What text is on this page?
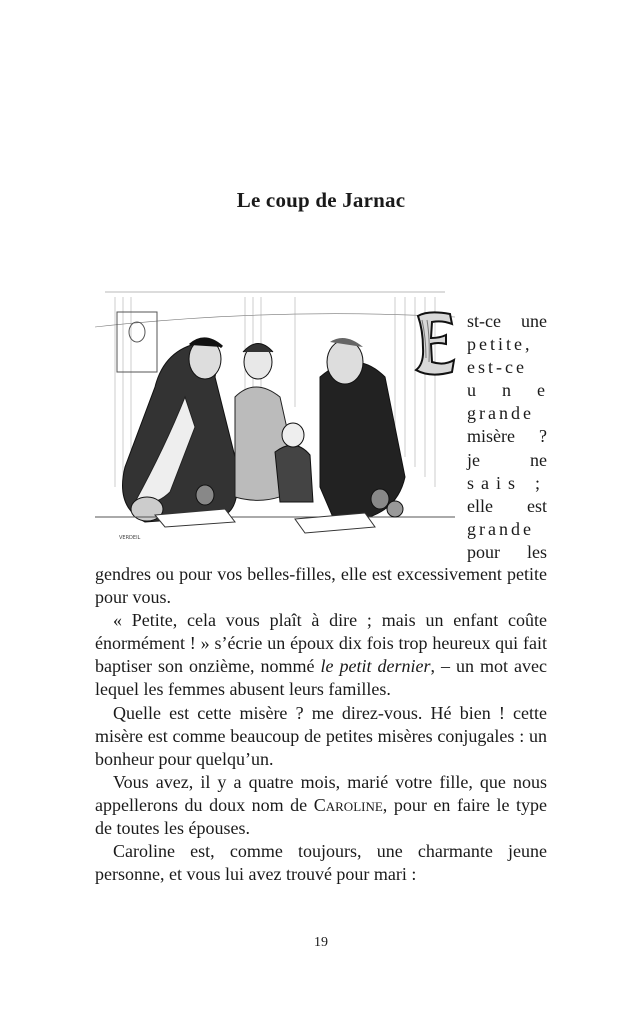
Le coup de Jarnac
VERDEIL
E
st-ce une
petite,
est-ce
une
grande
misère ?
je ne
sais ;
elle est
grande
pour les

gendres ou pour vos belles-filles, elle est excessivement petite pour vous.

« Petite, cela vous plaît à dire ; mais un enfant coûte énormément ! » s’écrie un époux dix fois trop heureux qui fait baptiser son onzième, nommé le petit dernier, – un mot avec lequel les femmes abusent leurs familles.

Quelle est cette misère ? me direz-vous. Hé bien ! cette misère est comme beaucoup de petites misères conjugales : un bonheur pour quelqu’un.

Vous avez, il y a quatre mois, marié votre fille, que nous appellerons du doux nom de Caroline, pour en faire le type de toutes les épouses.

Caroline est, comme toujours, une charmante jeune personne, et vous lui avez trouvé pour mari :

19
